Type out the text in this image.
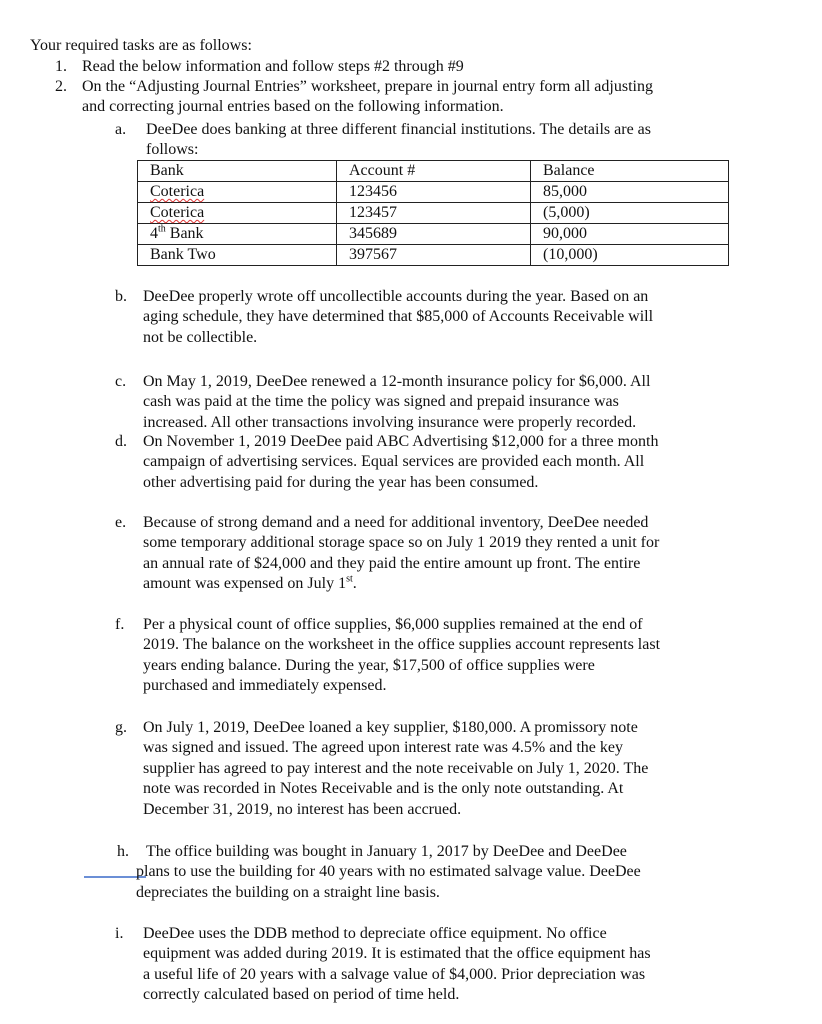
Your required tasks are as follows:
Bank	Account #	Balance
Coterica	123456	85,000
Coterica	123457	(5,000)
4th Bank	345689	90,000
Bank Two	397567	(10,000)
1. Read the below information and follow steps #2 through #9
2. On the “Adjusting Journal Entries” worksheet, prepare in journal entry form all adjusting
and correcting journal entries based on the following information.
a. DeeDee does banking at three different financial institutions. The details are as
follows:
b. DeeDee properly wrote off uncollectible accounts during the year. Based on an
aging schedule, they have determined that $85,000 of Accounts Receivable will
not be collectible.
c. On May 1, 2019, DeeDee renewed a 12-month insurance policy for $6,000. All
cash was paid at the time the policy was signed and prepaid insurance was
increased. All other transactions involving insurance were properly recorded.
d. On November 1, 2019 DeeDee paid ABC Advertising $12,000 for a three month
campaign of advertising services. Equal services are provided each month. All
other advertising paid for during the year has been consumed.
e. Because of strong demand and a need for additional inventory, DeeDee needed
some temporary additional storage space so on July 1 2019 they rented a unit for
an annual rate of $24,000 and they paid the entire amount up front. The entire
amount was expensed on July 1st.
f. Per a physical count of office supplies, $6,000 supplies remained at the end of
2019. The balance on the worksheet in the office supplies account represents last
years ending balance. During the year, $17,500 of office supplies were
purchased and immediately expensed.
g. On July 1, 2019, DeeDee loaned a key supplier, $180,000. A promissory note
was signed and issued. The agreed upon interest rate was 4.5% and the key
supplier has agreed to pay interest and the note receivable on July 1, 2020. The
note was recorded in Notes Receivable and is the only note outstanding. At
December 31, 2019, no interest has been accrued.
h. The office building was bought in January 1, 2017 by DeeDee and DeeDee
plans to use the building for 40 years with no estimated salvage value. DeeDee
depreciates the building on a straight line basis.
i. DeeDee uses the DDB method to depreciate office equipment. No office
equipment was added during 2019. It is estimated that the office equipment has
a useful life of 20 years with a salvage value of $4,000. Prior depreciation was
correctly calculated based on period of time held.
